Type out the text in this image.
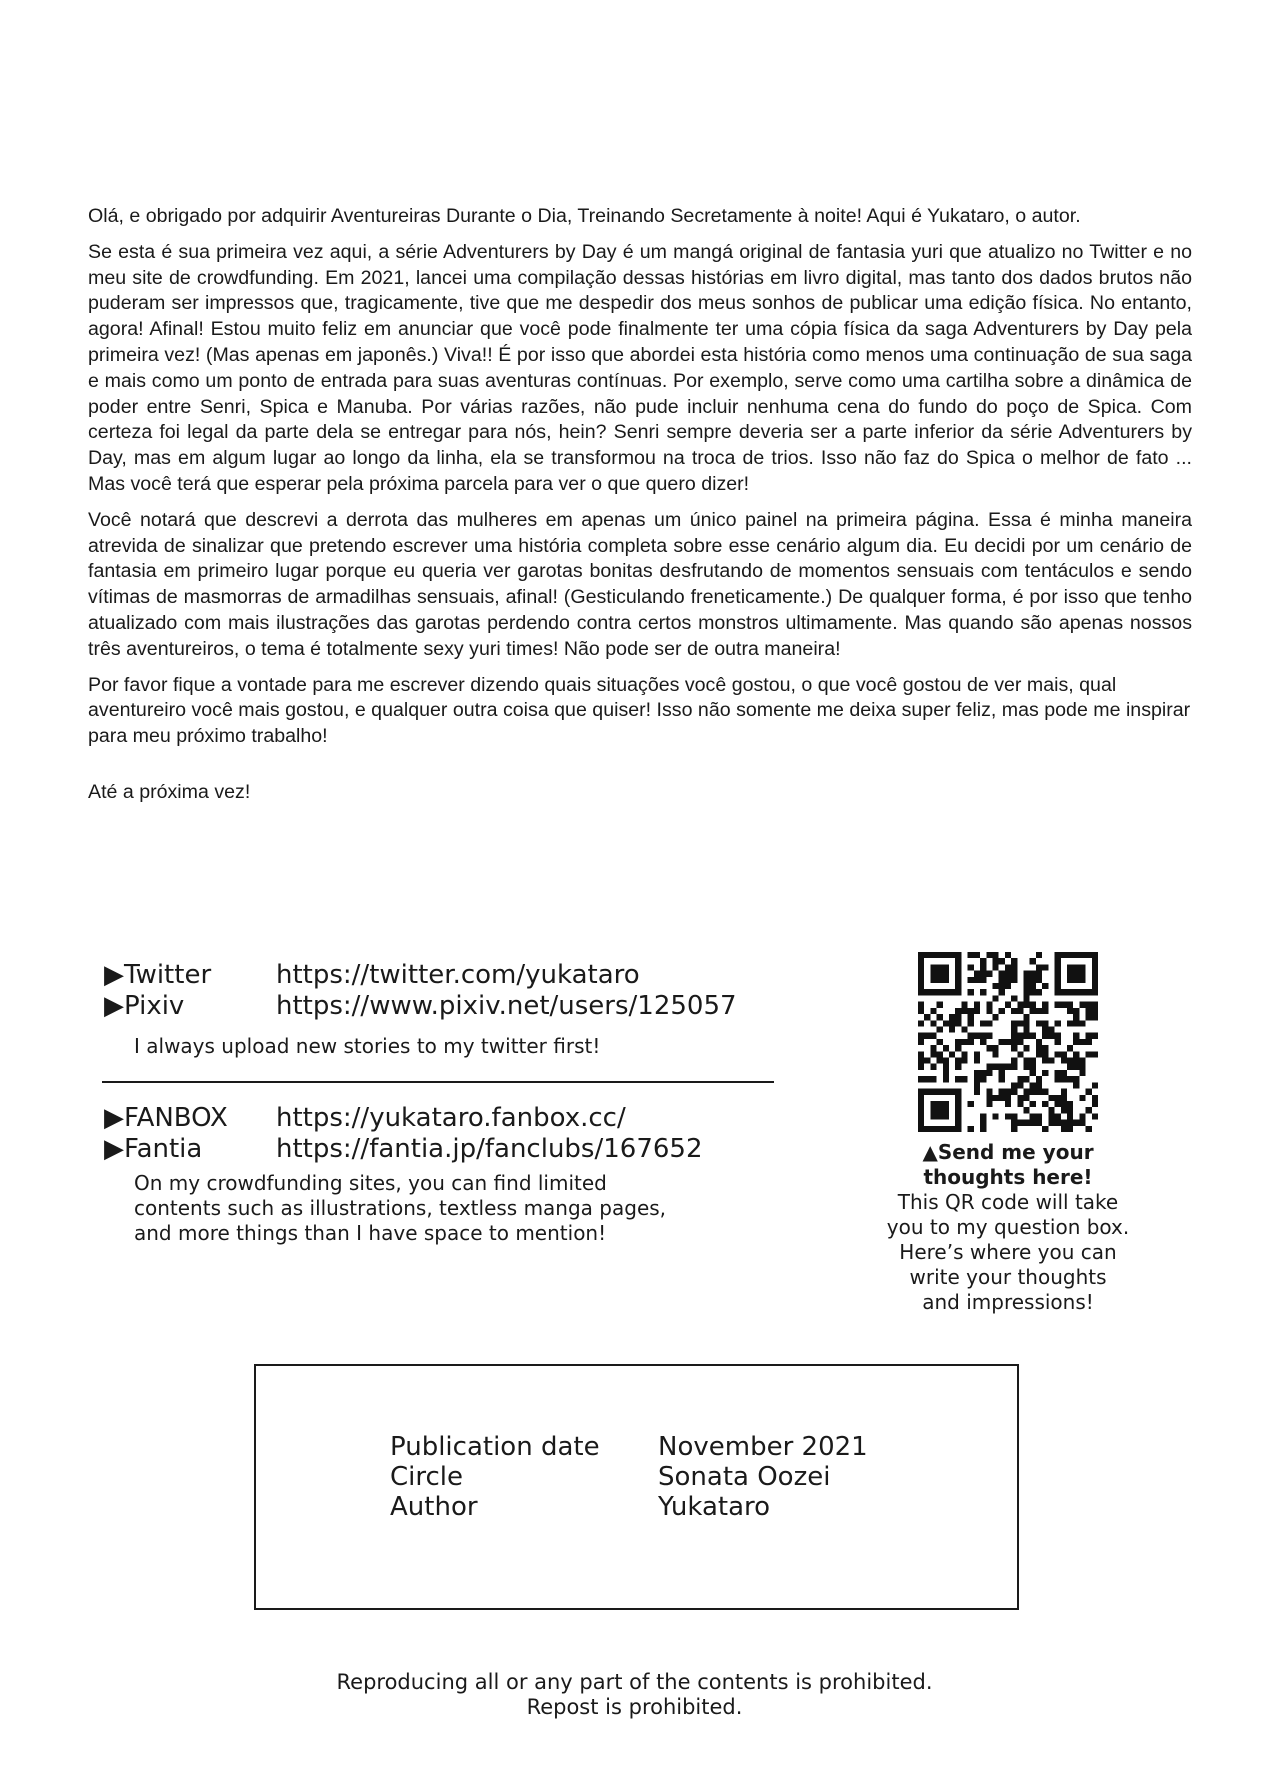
Olá, e obrigado por adquirir Aventureiras Durante o Dia, Treinando Secretamente à noite! Aqui é Yukataro, o autor.

Se esta é sua primeira vez aqui, a série Adventurers by Day é um mangá original de fantasia yuri que atualizo no Twitter e no meu site de crowdfunding. Em 2021, lancei uma compilação dessas histórias em livro digital, mas tanto dos dados brutos não puderam ser impressos que, tragicamente, tive que me despedir dos meus sonhos de publicar uma edição física. No entanto, agora! Afinal! Estou muito feliz em anunciar que você pode finalmente ter uma cópia física da saga Adventurers by Day pela primeira vez! (Mas apenas em japonês.) Viva!! É por isso que abordei esta história como menos uma continuação de sua saga e mais como um ponto de entrada para suas aventuras contínuas. Por exemplo, serve como uma cartilha sobre a dinâmica de poder entre Senri, Spica e Manuba. Por várias razões, não pude incluir nenhuma cena do fundo do poço de Spica. Com certeza foi legal da parte dela se entregar para nós, hein? Senri sempre deveria ser a parte inferior da série Adventurers by Day, mas em algum lugar ao longo da linha, ela se transformou na troca de trios. Isso não faz do Spica o melhor de fato ... Mas você terá que esperar pela próxima parcela para ver o que quero dizer!

Você notará que descrevi a derrota das mulheres em apenas um único painel na primeira página. Essa é minha maneira atrevida de sinalizar que pretendo escrever uma história completa sobre esse cenário algum dia. Eu decidi por um cenário de fantasia em primeiro lugar porque eu queria ver garotas bonitas desfrutando de momentos sensuais com tentáculos e sendo vítimas de masmorras de armadilhas sensuais, afinal! (Gesticulando freneticamente.) De qualquer forma, é por isso que tenho atualizado com mais ilustrações das garotas perdendo contra certos monstros ultimamente. Mas quando são apenas nossos três aventureiros, o tema é totalmente sexy yuri times! Não pode ser de outra maneira!

Por favor fique a vontade para me escrever dizendo quais situações você gostou, o que você gostou de ver mais, qual aventureiro você mais gostou, e qualquer outra coisa que quiser! Isso não somente me deixa super feliz, mas pode me inspirar para meu próximo trabalho!

Até a próxima vez!

▶Twitter	https://twitter.com/yukataro
▶Pixiv	https://www.pixiv.net/users/125057
I always upload new stories to my twitter first!
▶FANBOX	https://yukataro.fanbox.cc/
▶Fantia	https://fantia.jp/fanclubs/167652
On my crowdfunding sites, you can find limited
contents such as illustrations, textless manga pages,
and more things than I have space to mention!
▲Send me your
thoughts here!
This QR code will take
you to my question box.
Here’s where you can
write your thoughts
and impressions!
Publication date	November 2021
Circle	Sonata Oozei
Author	Yukataro
Reproducing all or any part of the contents is prohibited.
Repost is prohibited.
